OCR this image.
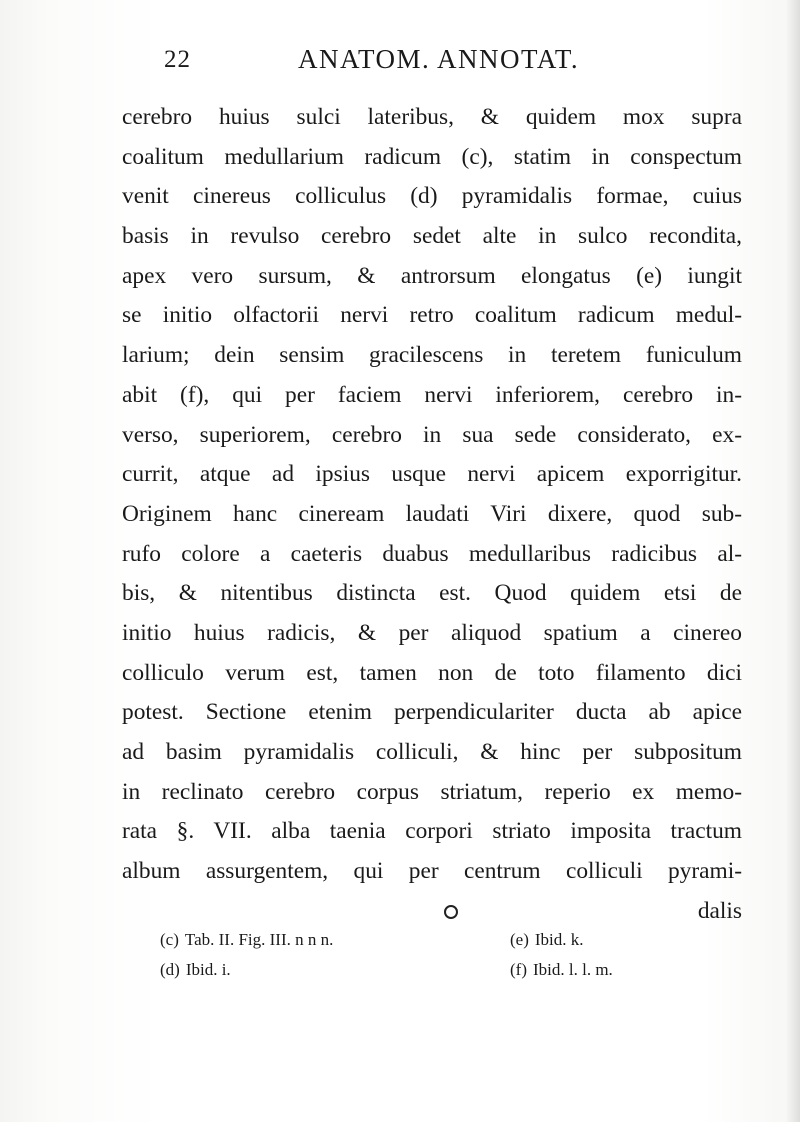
22	ANATOM. ANNOTAT.
cerebro huius sulci lateribus, & quidem mox supra
coalitum medullarium radicum (c), statim in conspectum
venit cinereus colliculus (d) pyramidalis formae, cuius
basis in revulso cerebro sedet alte in sulco recondita,
apex vero sursum, & antrorsum elongatus (e) iungit
se initio olfactorii nervi retro coalitum radicum medul-
larium; dein sensim gracilescens in teretem funiculum
abit (f), qui per faciem nervi inferiorem, cerebro in-
verso, superiorem, cerebro in sua sede considerato, ex-
currit, atque ad ipsius usque nervi apicem exporrigitur.
Originem hanc cineream laudati Viri dixere, quod sub-
rufo colore a caeteris duabus medullaribus radicibus al-
bis, & nitentibus distincta est. Quod quidem etsi de
initio huius radicis, & per aliquod spatium a cinereo
colliculo verum est, tamen non de toto filamento dici
potest. Sectione etenim perpendiculariter ducta ab apice
ad basim pyramidalis colliculi, & hinc per subpositum
in reclinato cerebro corpus striatum, reperio ex memo-
rata §. VII. alba taenia corpori striato imposita tractum
album assurgentem, qui per centrum colliculi pyrami-
dalis
(c) Tab. II. Fig. III. n n n.
(d) Ibid. i.
(e) Ibid. k.
(f) Ibid. l. l. m.
